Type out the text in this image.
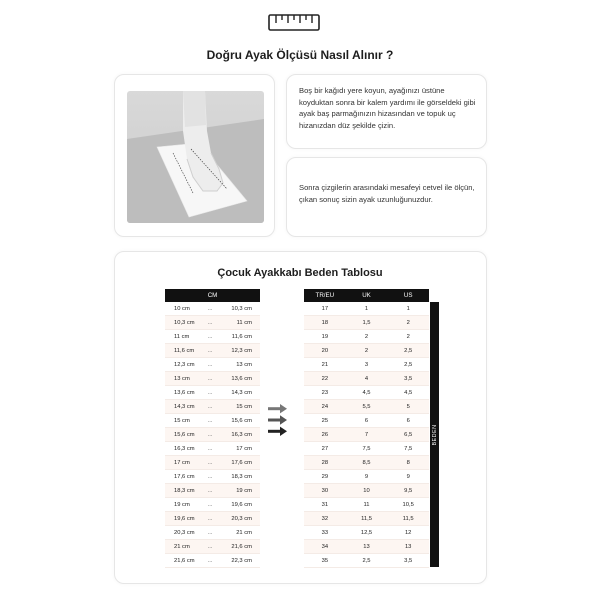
Doğru Ayak Ölçüsü Nasıl Alınır ?

Boş bir kağıdı yere koyun, ayağınızı üstüne koyduktan sonra bir kalem yardımı ile görseldeki gibi ayak baş parmağınızın hizasından ve topuk uç hizanızdan düz şekilde çizin.

Sonra çizgilerin arasındaki mesafeyi cetvel ile ölçün, çıkan sonuç sizin ayak uzunluğunuzdur.

Çocuk Ayakkabı Beden Tablosu
CM
10 cm	...	10,3 cm
10,3 cm	...	11 cm
11 cm	...	11,6 cm
11,6 cm	...	12,3 cm
12,3 cm	...	13 cm
13 cm	...	13,6 cm
13,6 cm	...	14,3 cm
14,3 cm	...	15 cm
15 cm	...	15,6 cm
15,6 cm	...	16,3 cm
16,3 cm	...	17 cm
17 cm	...	17,6 cm
17,6 cm	...	18,3 cm
18,3 cm	...	19 cm
19 cm	...	19,6 cm
19,6 cm	...	20,3 cm
20,3 cm	...	21 cm
21 cm	...	21,6 cm
21,6 cm	...	22,3 cm
TR/EU	UK	US
17	1	1
18	1,5	2
19	2	2
20	2	2,5
21	3	2,5
22	4	3,5
23	4,5	4,5
24	5,5	5
25	6	6
26	7	6,5
27	7,5	7,5
28	8,5	8
29	9	9
30	10	9,5
31	11	10,5
32	11,5	11,5
33	12,5	12
34	13	13
35	2,5	3,5
BEDEN
